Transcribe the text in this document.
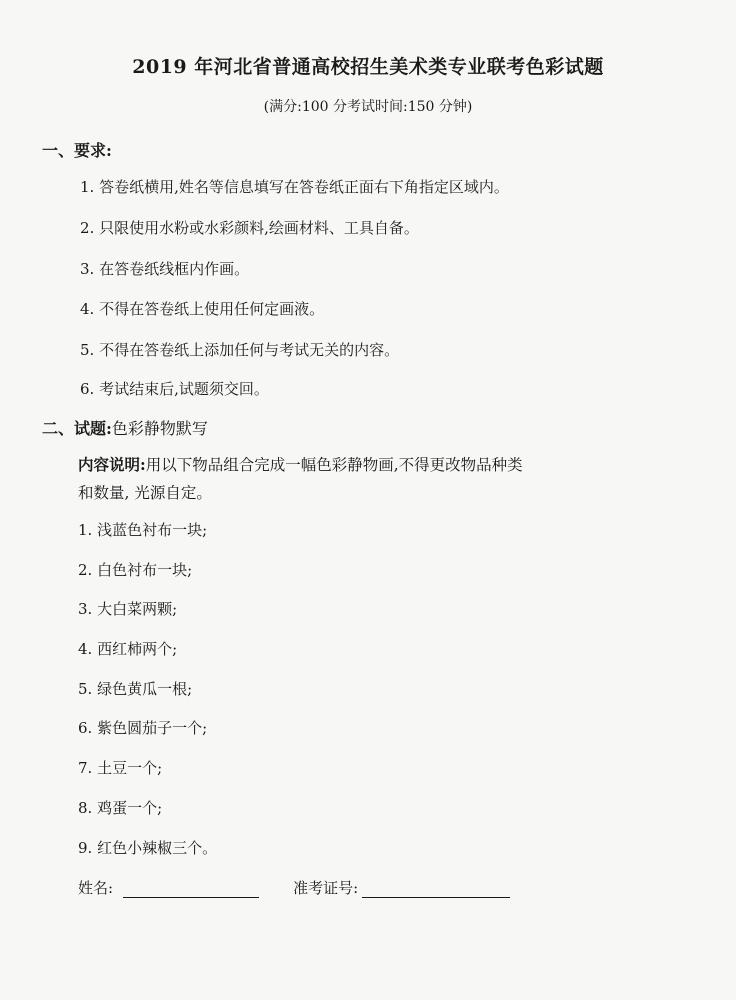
2019 年河北省普通高校招生美术类专业联考色彩试题
(满分:100 分考试时间:150 分钟)
一、要求:
1. 答卷纸横用,姓名等信息填写在答卷纸正面右下角指定区域内。
2. 只限使用水粉或水彩颜料,绘画材料、工具自备。
3. 在答卷纸线框内作画。
4. 不得在答卷纸上使用任何定画液。
5. 不得在答卷纸上添加任何与考试无关的内容。
6. 考试结束后,试题须交回。
二、试题:色彩静物默写
内容说明:用以下物品组合完成一幅色彩静物画,不得更改物品种类
和数量, 光源自定。
1. 浅蓝色衬布一块;
2. 白色衬布一块;
3. 大白菜两颗;
4. 西红柿两个;
5. 绿色黄瓜一根;
6. 紫色圆茄子一个;
7. 土豆一个;
8. 鸡蛋一个;
9. 红色小辣椒三个。
姓名:	准考证号:
